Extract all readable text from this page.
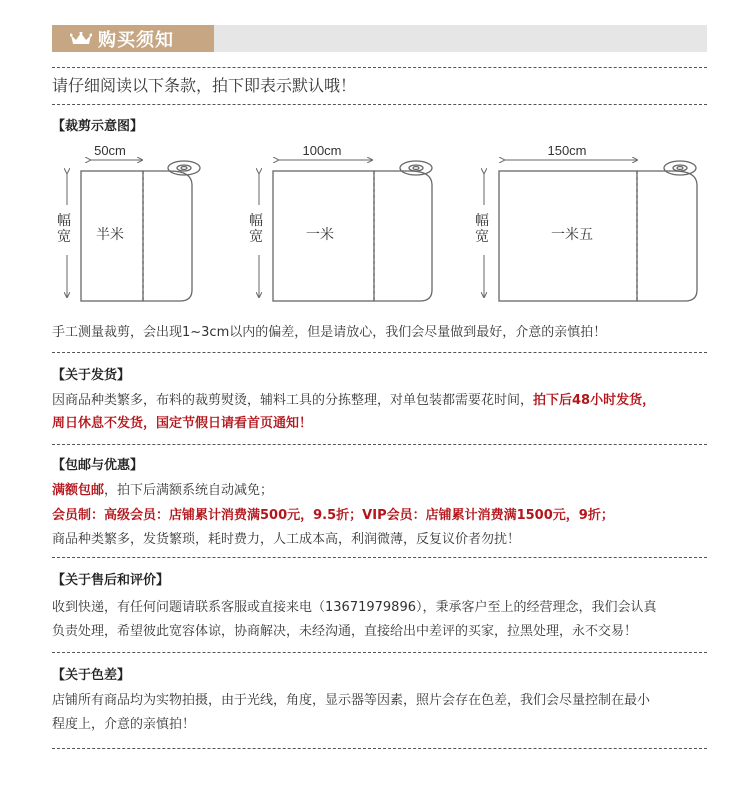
购买须知
请仔细阅读以下条款，拍下即表示默认哦！
【裁剪示意图】
50cm	100cm	150cm
半米	一米	一米五
幅宽
幅宽
幅宽
手工测量裁剪，会出现1~3cm以内的偏差，但是请放心，我们会尽量做到最好，介意的亲慎拍！
【关于发货】
因商品种类繁多，布料的裁剪熨烫，辅料工具的分拣整理，对单包装都需要花时间，拍下后48小时发货，
周日休息不发货，国定节假日请看首页通知！
【包邮与优惠】
满额包邮，拍下后满额系统自动减免；
会员制：高级会员：店铺累计消费满500元，9.5折；VIP会员：店铺累计消费满1500元，9折；
商品种类繁多，发货繁琐，耗时费力，人工成本高，利润微薄，反复议价者勿扰！
【关于售后和评价】
收到快递，有任何问题请联系客服或直接来电（13671979896），秉承客户至上的经营理念，我们会认真
负责处理，希望彼此宽容体谅，协商解决，未经沟通，直接给出中差评的买家，拉黑处理，永不交易！
【关于色差】
店铺所有商品均为实物拍摄，由于光线，角度，显示器等因素，照片会存在色差，我们会尽量控制在最小
程度上，介意的亲慎拍！
